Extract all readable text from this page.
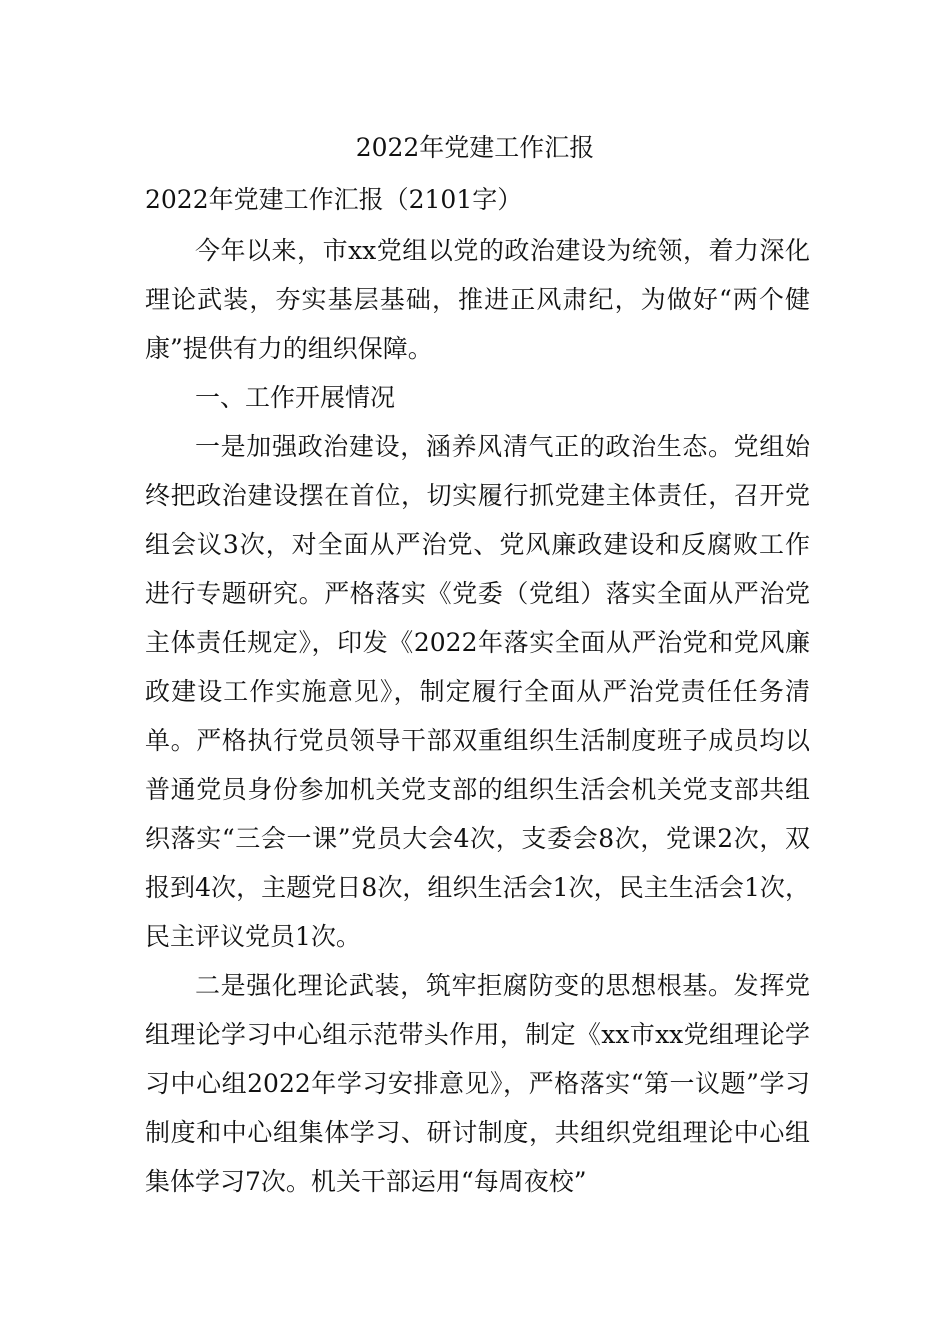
2022年党建工作汇报
2022年党建工作汇报（2101字）

今年以来，市xx党组以党的政治建设为统领，着力深化理论武装，夯实基层基础，推进正风肃纪，为做好“两个健康”提供有力的组织保障。

一、工作开展情况

一是加强政治建设，涵养风清气正的政治生态。党组始终把政治建设摆在首位，切实履行抓党建主体责任，召开党组会议3次，对全面从严治党、党风廉政建设和反腐败工作进行专题研究。严格落实《党委（党组）落实全面从严治党主体责任规定》，印发《2022年落实全面从严治党和党风廉政建设工作实施意见》，制定履行全面从严治党责任任务清单。严格执行党员领导干部双重组织生活制度班子成员均以普通党员身份参加机关党支部的组织生活会机关党支部共组织落实“三会一课”党员大会4次，支委会8次，党课2次，双报到4次，主题党日8次，组织生活会1次，民主生活会1次，民主评议党员1次。

二是强化理论武装，筑牢拒腐防变的思想根基。发挥党组理论学习中心组示范带头作用，制定《xx市xx党组理论学习中心组2022年学习安排意见》，严格落实“第一议题”学习制度和中心组集体学习、研讨制度，共组织党组理论中心组集体学习7次。机关干部运用“每周夜校”
